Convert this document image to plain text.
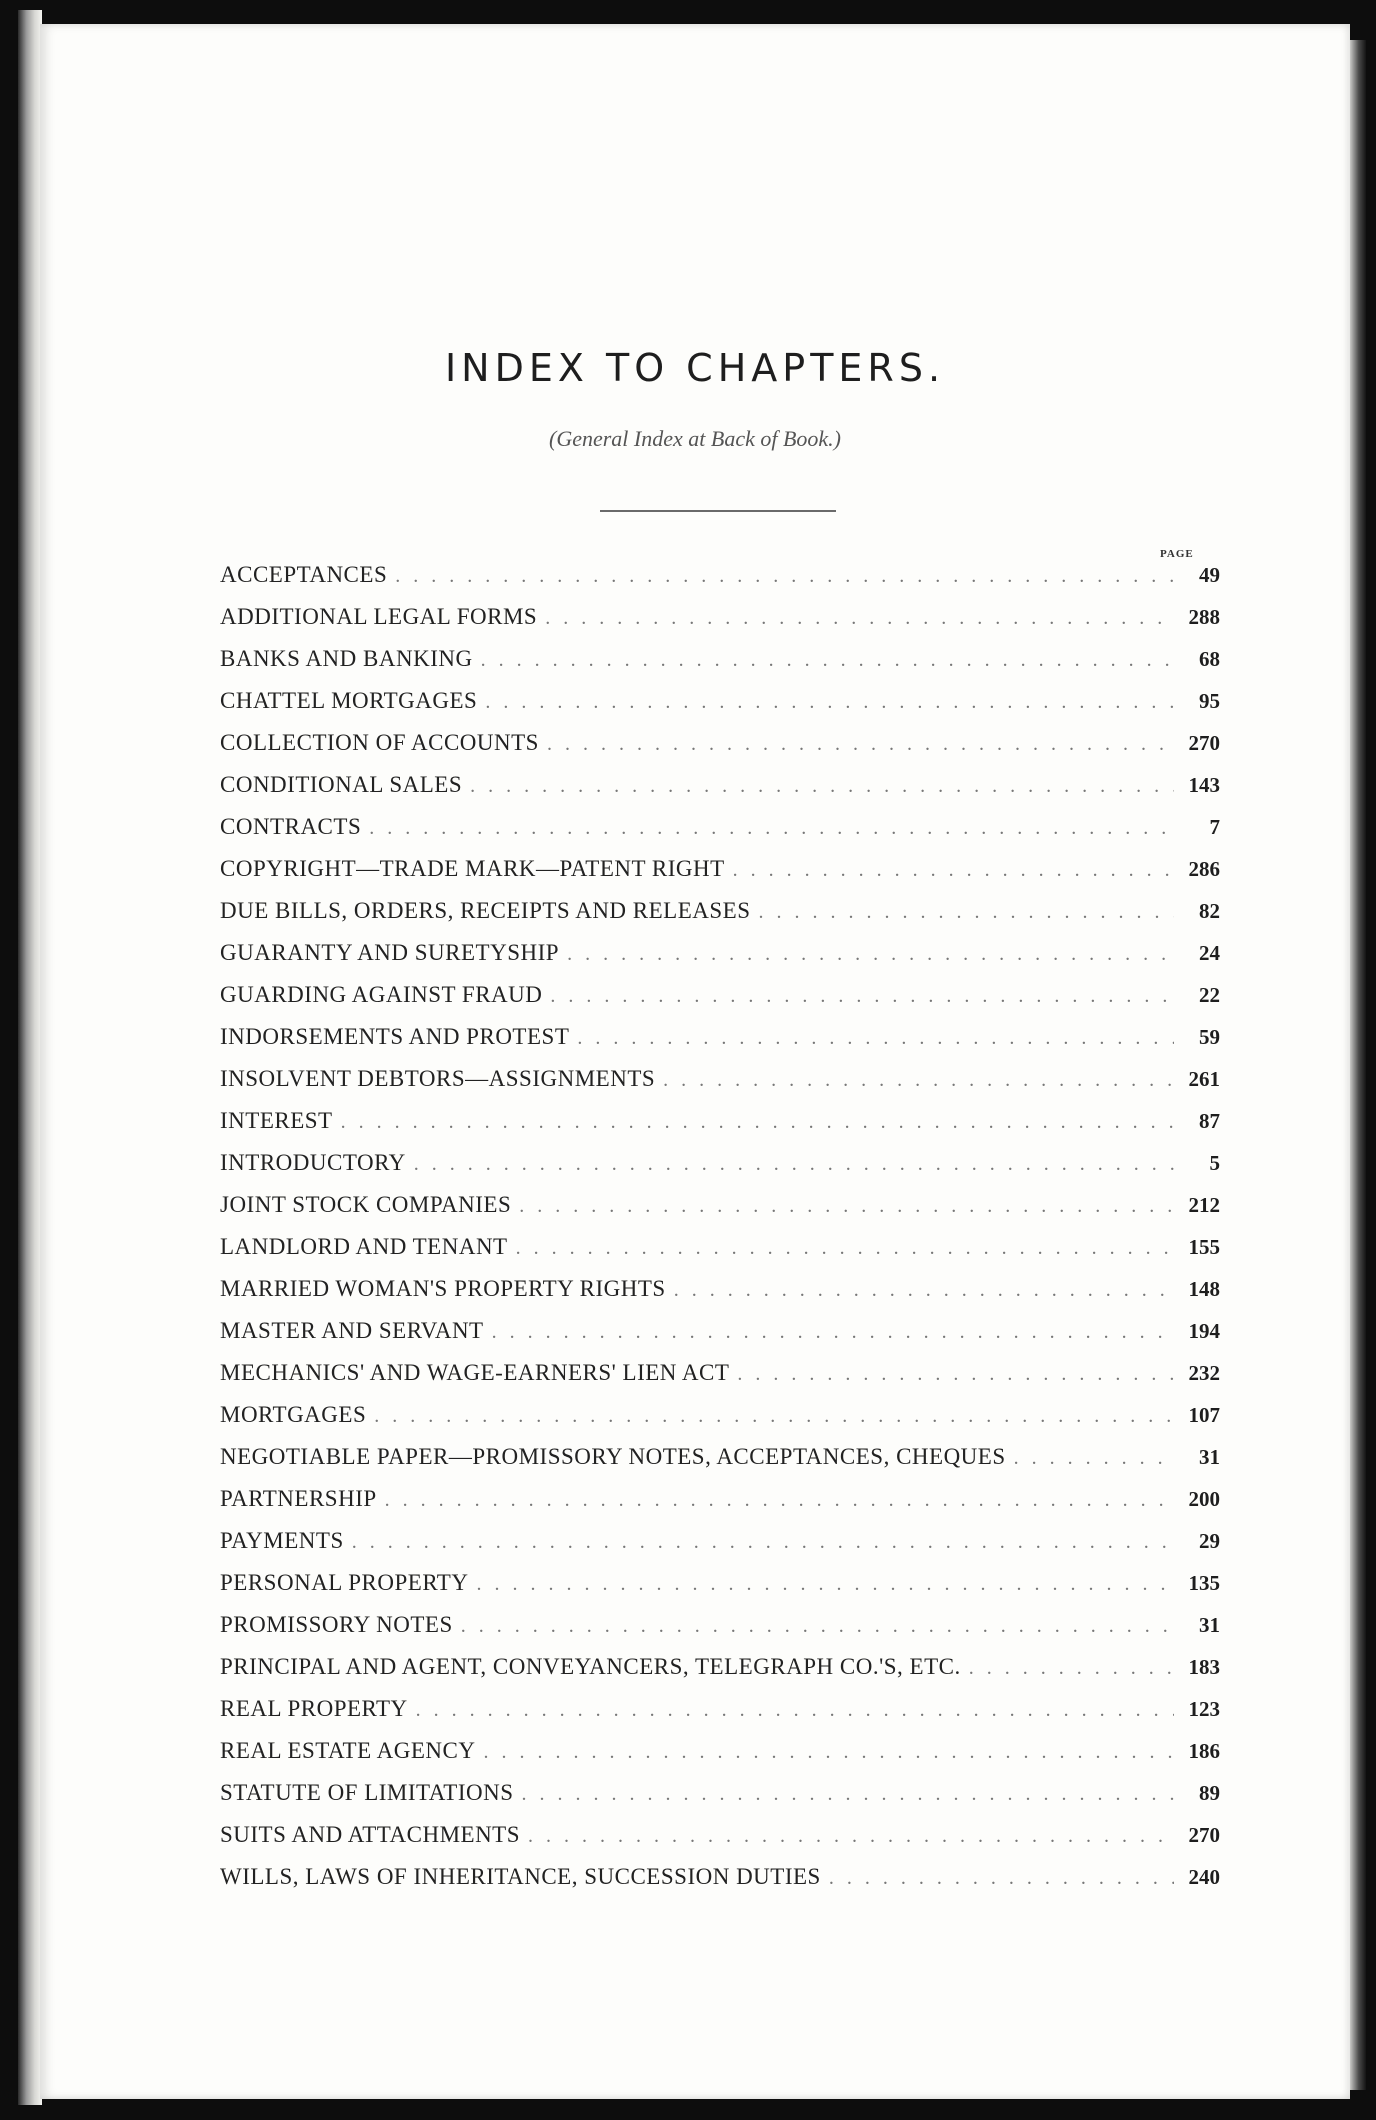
INDEX TO CHAPTERS.
(General Index at Back of Book.)
PAGE
ACCEPTANCES . .	49
ADDITIONAL LEGAL FORMS . .	288
BANKS AND BANKING . .	68
CHATTEL MORTGAGES . .	95
COLLECTION OF ACCOUNTS . .	270
CONDITIONAL SALES . .	143
CONTRACTS . .	7
COPYRIGHT—TRADE MARK—PATENT RIGHT . .	286
DUE BILLS, ORDERS, RECEIPTS AND RELEASES . .	82
GUARANTY AND SURETYSHIP . .	24
GUARDING AGAINST FRAUD . .	22
INDORSEMENTS AND PROTEST . .	59
INSOLVENT DEBTORS—ASSIGNMENTS . .	261
INTEREST . .	87
INTRODUCTORY . .	5
JOINT STOCK COMPANIES . .	212
LANDLORD AND TENANT . .	155
MARRIED WOMAN'S PROPERTY RIGHTS . .	148
MASTER AND SERVANT . .	194
MECHANICS' AND WAGE-EARNERS' LIEN ACT . .	232
MORTGAGES . .	107
NEGOTIABLE PAPER—PROMISSORY NOTES, ACCEPTANCES, CHEQUES . .	31
PARTNERSHIP . .	200
PAYMENTS . .	29
PERSONAL PROPERTY . .	135
PROMISSORY NOTES . .	31
PRINCIPAL AND AGENT, CONVEYANCERS, TELEGRAPH CO.'S, ETC. . .	183
REAL PROPERTY . .	123
REAL ESTATE AGENCY . .	186
STATUTE OF LIMITATIONS . .	89
SUITS AND ATTACHMENTS . .	270
WILLS, LAWS OF INHERITANCE, SUCCESSION DUTIES . .	240
